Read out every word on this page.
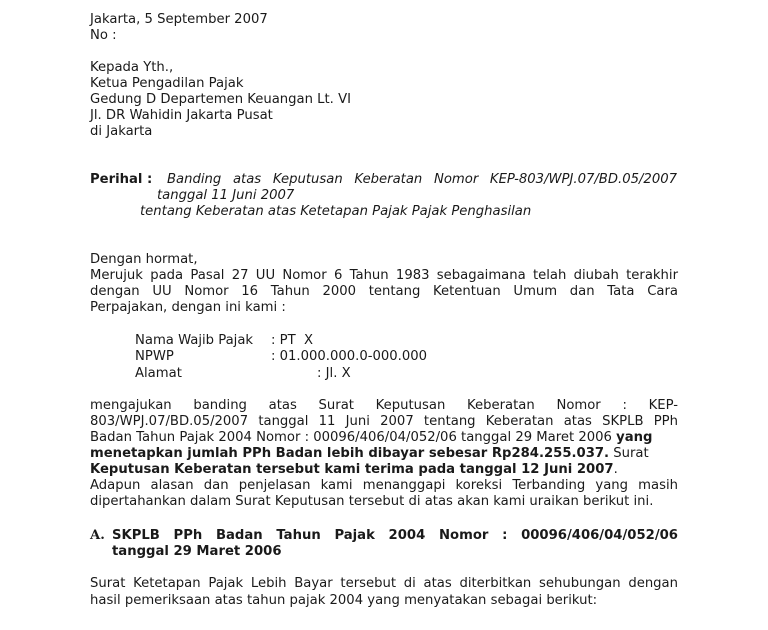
Jakarta, 5 September 2007
No :
Kepada Yth.,
Ketua Pengadilan Pajak
Gedung D Departemen Keuangan Lt. VI
Jl. DR Wahidin Jakarta Pusat
di Jakarta
Perihal : Banding atas Keputusan Keberatan Nomor KEP-803/WPJ.07/BD.05/2007
tanggal 11 Juni 2007
tentang Keberatan atas Ketetapan Pajak Pajak Penghasilan
Dengan hormat,
Merujuk pada Pasal 27 UU Nomor 6 Tahun 1983 sebagaimana telah diubah terakhir
dengan UU Nomor 16 Tahun 2000 tentang Ketentuan Umum dan Tata Cara
Perpajakan, dengan ini kami :
Nama Wajib Pajak : PT  X
NPWP	: 01.000.000.0-000.000
Alamat	: Jl. X
mengajukan banding atas Surat Keputusan Keberatan Nomor : KEP-
803/WPJ.07/BD.05/2007 tanggal 11 Juni 2007 tentang Keberatan atas SKPLB PPh
Badan Tahun Pajak 2004 Nomor : 00096/406/04/052/06 tanggal 29 Maret 2006 yang
menetapkan jumlah PPh Badan lebih dibayar sebesar Rp284.255.037. Surat
Keputusan Keberatan tersebut kami terima pada tanggal 12 Juni 2007.
Adapun alasan dan penjelasan kami menanggapi koreksi Terbanding yang masih
dipertahankan dalam Surat Keputusan tersebut di atas akan kami uraikan berikut ini.
A. SKPLB PPh Badan Tahun Pajak 2004 Nomor : 00096/406/04/052/06
tanggal 29 Maret 2006
Surat Ketetapan Pajak Lebih Bayar tersebut di atas diterbitkan sehubungan dengan
hasil pemeriksaan atas tahun pajak 2004 yang menyatakan sebagai berikut:
